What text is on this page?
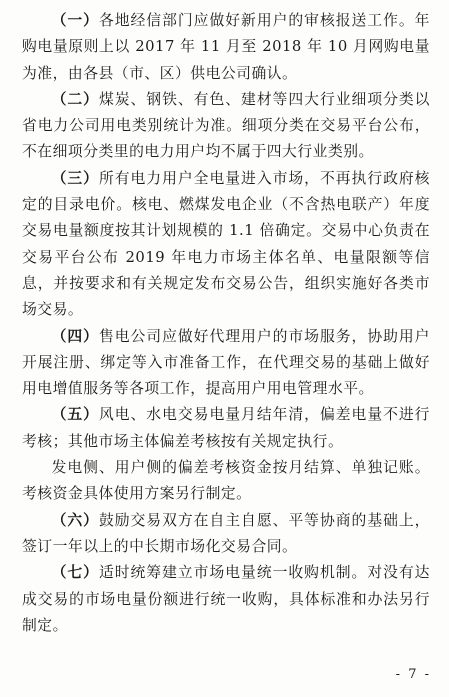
（一）各地经信部门应做好新用户的审核报送工作。年购电量原则上以 2017 年 11 月至 2018 年 10 月网购电量为准，由各县（市、区）供电公司确认。

（二）煤炭、钢铁、有色、建材等四大行业细项分类以省电力公司用电类别统计为准。细项分类在交易平台公布，不在细项分类里的电力用户均不属于四大行业类别。

（三）所有电力用户全电量进入市场，不再执行政府核定的目录电价。核电、燃煤发电企业（不含热电联产）年度交易电量额度按其计划规模的 1.1 倍确定。交易中心负责在交易平台公布 2019 年电力市场主体名单、电量限额等信息，并按要求和有关规定发布交易公告，组织实施好各类市场交易。

（四）售电公司应做好代理用户的市场服务，协助用户开展注册、绑定等入市准备工作，在代理交易的基础上做好用电增值服务等各项工作，提高用户用电管理水平。

（五）风电、水电交易电量月结年清，偏差电量不进行考核；其他市场主体偏差考核按有关规定执行。

发电侧、用户侧的偏差考核资金按月结算、单独记账。考核资金具体使用方案另行制定。

（六）鼓励交易双方在自主自愿、平等协商的基础上，签订一年以上的中长期市场化交易合同。

（七）适时统筹建立市场电量统一收购机制。对没有达成交易的市场电量份额进行统一收购，具体标准和办法另行制定。

- 7 -
